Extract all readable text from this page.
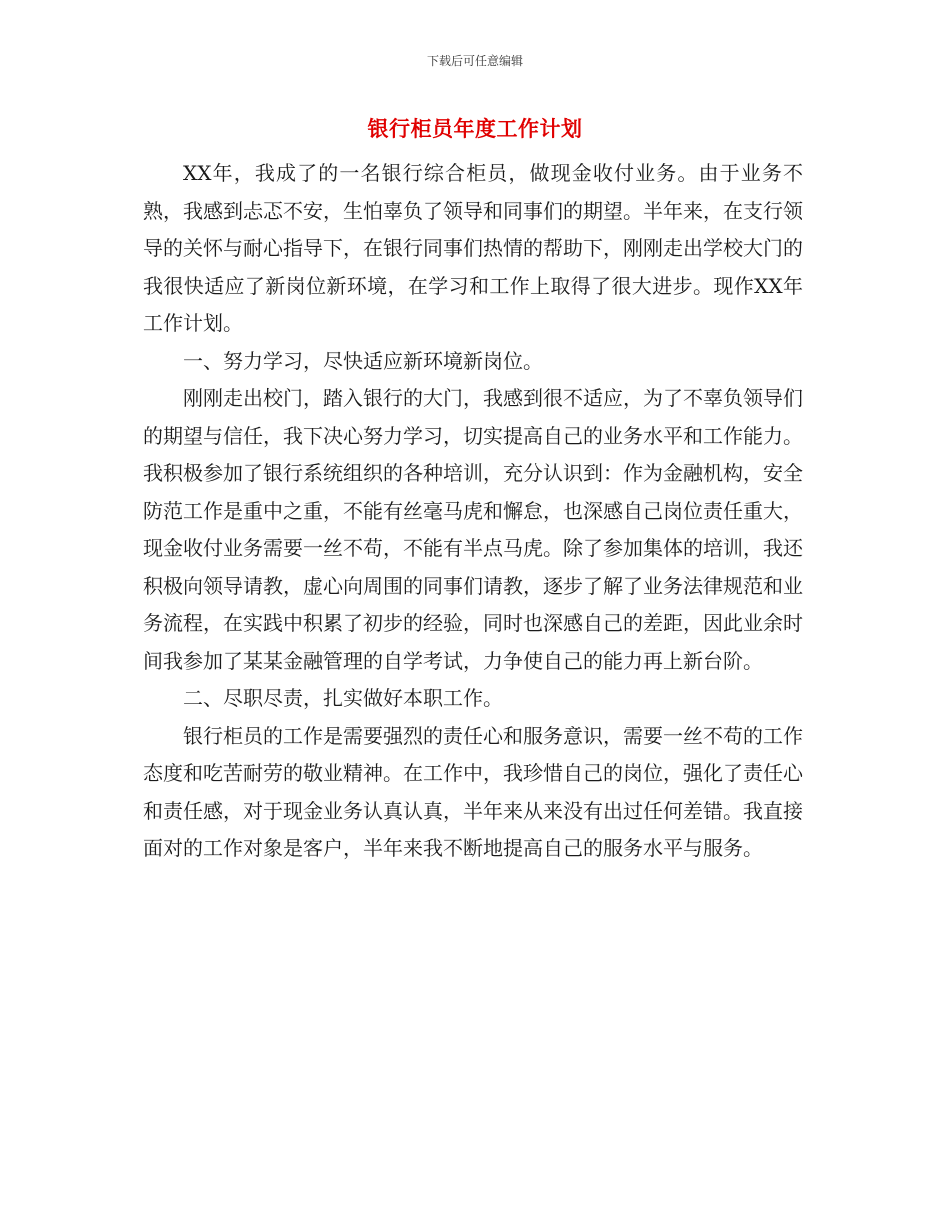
下载后可任意编辑
银行柜员年度工作计划

XX年，我成了的一名银行综合柜员，做现金收付业务。由于业务不熟，我感到忐忑不安，生怕辜负了领导和同事们的期望。半年来，在支行领导的关怀与耐心指导下，在银行同事们热情的帮助下，刚刚走出学校大门的我很快适应了新岗位新环境，在学习和工作上取得了很大进步。现作XX年工作计划。

一、努力学习，尽快适应新环境新岗位。

刚刚走出校门，踏入银行的大门，我感到很不适应，为了不辜负领导们的期望与信任，我下决心努力学习，切实提高自己的业务水平和工作能力。我积极参加了银行系统组织的各种培训，充分认识到：作为金融机构，安全防范工作是重中之重，不能有丝毫马虎和懈怠，也深感自己岗位责任重大，现金收付业务需要一丝不苟，不能有半点马虎。除了参加集体的培训，我还积极向领导请教，虚心向周围的同事们请教，逐步了解了业务法律规范和业务流程，在实践中积累了初步的经验，同时也深感自己的差距，因此业余时间我参加了某某金融管理的自学考试，力争使自己的能力再上新台阶。

二、尽职尽责，扎实做好本职工作。

银行柜员的工作是需要强烈的责任心和服务意识，需要一丝不苟的工作态度和吃苦耐劳的敬业精神。在工作中，我珍惜自己的岗位，强化了责任心和责任感，对于现金业务认真认真，半年来从来没有出过任何差错。我直接面对的工作对象是客户，半年来我不断地提高自己的服务水平与服务。
